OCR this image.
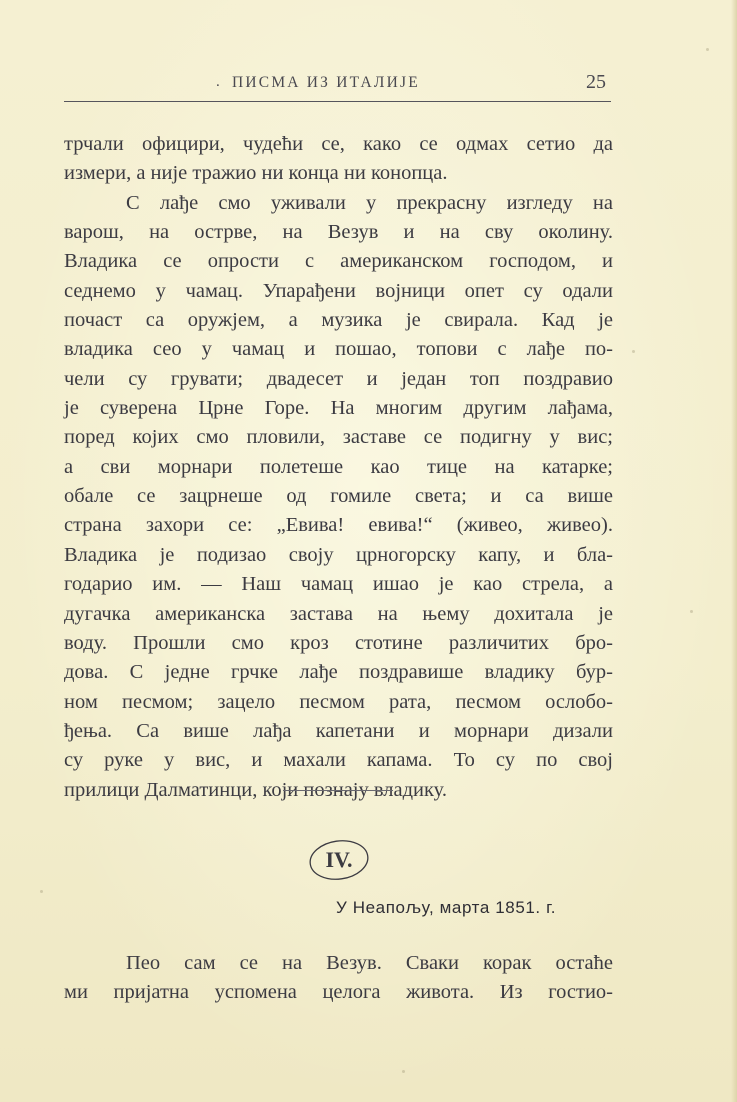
. ПИСМА ИЗ ИТАЛИЈЕ	25
трчали официри, чудећи се, како се одмах сетио да
измери, а није тражио ни конца ни конопца.
С лађе смо уживали у прекрасну изгледу на
варош, на острве, на Везув и на сву околину.
Владика се опрости с американском господом, и
седнемо у чамац. Упарађени војници опет су одали
почаст са оружјем, а музика је свирала. Кад је
владика сео у чамац и пошао, топови с лађе по-
чели су грувати; двадесет и један топ поздравио
је суверена Црне Горе. На многим другим лађама,
поред којих смо пловили, заставе се подигну у вис;
а сви морнари полетеше као тице на катарке;
обале се зацрнеше од гомиле света; и са више
страна захори се: „Евива! евива!“ (живео, живео).
Владика је подизао своју црногорску капу, и бла-
годарио им. — Наш чамац ишао је као стрела, а
дугачка американска застава на њему дохитала је
воду. Прошли смо кроз стотине различитих бро-
дова. С једне грчке лађе поздравише владику бур-
ном песмом; зацело песмом рата, песмом ослобо-
ђења. Са више лађа капетани и морнари дизали
су руке у вис, и махали капама. То су по свој
прилици Далматинци, који познају владику.
IV.
У Неапољу, марта 1851. г.
Пео сам се на Везув. Сваки корак остаће
ми пријатна успомена целога живота. Из гостио-
